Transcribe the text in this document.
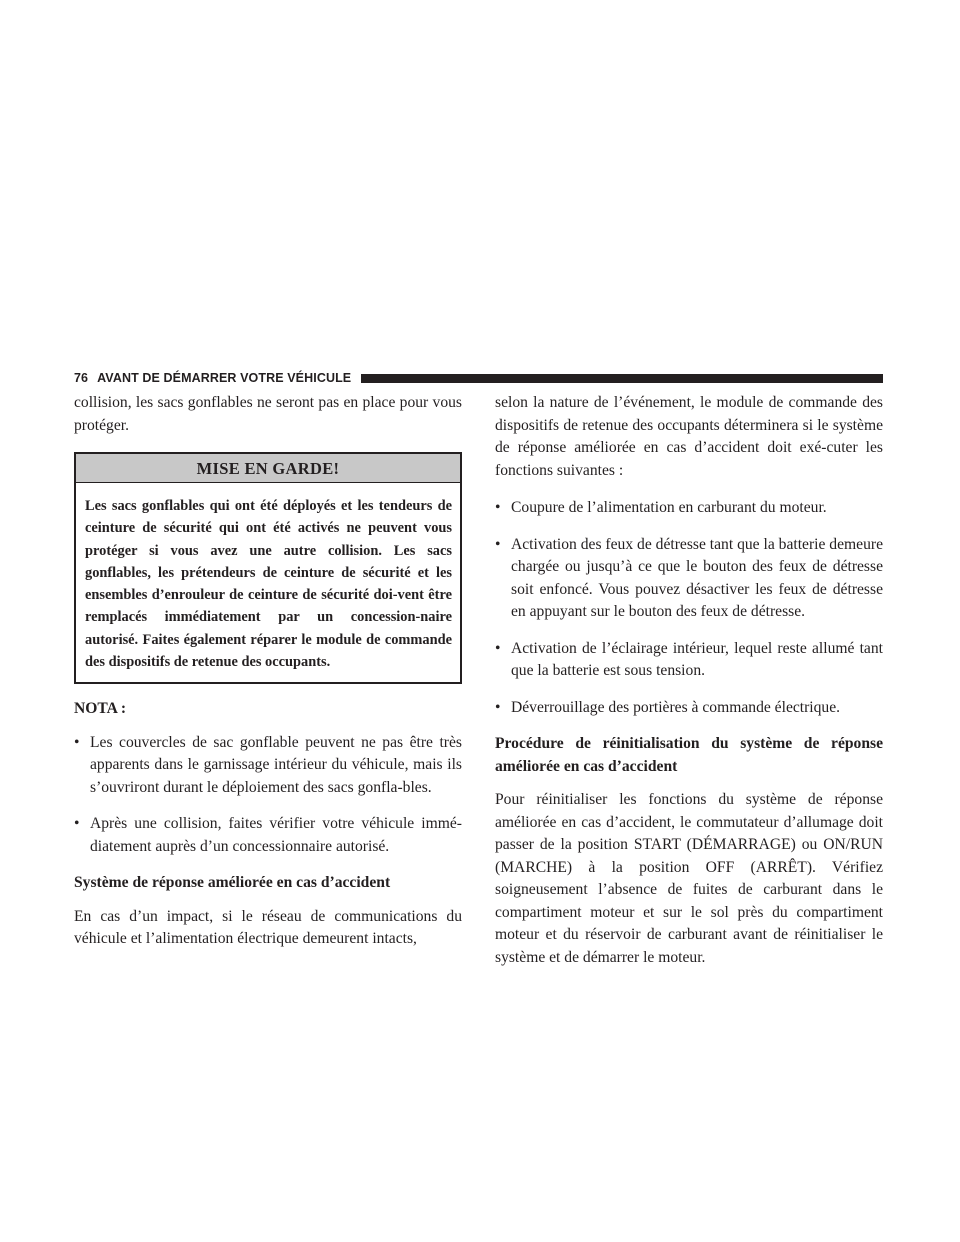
76 AVANT DE DÉMARRER VOTRE VÉHICULE

collision, les sacs gonflables ne seront pas en place pour vous protéger.

MISE EN GARDE!
Les sacs gonflables qui ont été déployés et les tendeurs de ceinture de sécurité qui ont été activés ne peuvent vous protéger si vous avez une autre collision. Les sacs gonflables, les prétendeurs de ceinture de sécurité et les ensembles d’enrouleur de ceinture de sécurité doi-vent être remplacés immédiatement par un concession-naire autorisé. Faites également réparer le module de commande des dispositifs de retenue des occupants.

NOTA :

• Les couvercles de sac gonflable peuvent ne pas être très apparents dans le garnissage intérieur du véhicule, mais ils s’ouvriront durant le déploiement des sacs gonfla-bles.
• Après une collision, faites vérifier votre véhicule immé-diatement auprès d’un concessionnaire autorisé.

Système de réponse améliorée en cas d’accident

En cas d’un impact, si le réseau de communications du véhicule et l’alimentation électrique demeurent intacts,

selon la nature de l’événement, le module de commande des dispositifs de retenue des occupants déterminera si le système de réponse améliorée en cas d’accident doit exé-cuter les fonctions suivantes :

• Coupure de l’alimentation en carburant du moteur.
• Activation des feux de détresse tant que la batterie demeure chargée ou jusqu’à ce que le bouton des feux de détresse soit enfoncé. Vous pouvez désactiver les feux de détresse en appuyant sur le bouton des feux de détresse.
• Activation de l’éclairage intérieur, lequel reste allumé tant que la batterie est sous tension.
• Déverrouillage des portières à commande électrique.

Procédure de réinitialisation du système de réponse améliorée en cas d’accident

Pour réinitialiser les fonctions du système de réponse améliorée en cas d’accident, le commutateur d’allumage doit passer de la position START (DÉMARRAGE) ou ON/RUN (MARCHE) à la position OFF (ARRÊT). Vérifiez soigneusement l’absence de fuites de carburant dans le compartiment moteur et sur le sol près du compartiment moteur et du réservoir de carburant avant de réinitialiser le système et de démarrer le moteur.
